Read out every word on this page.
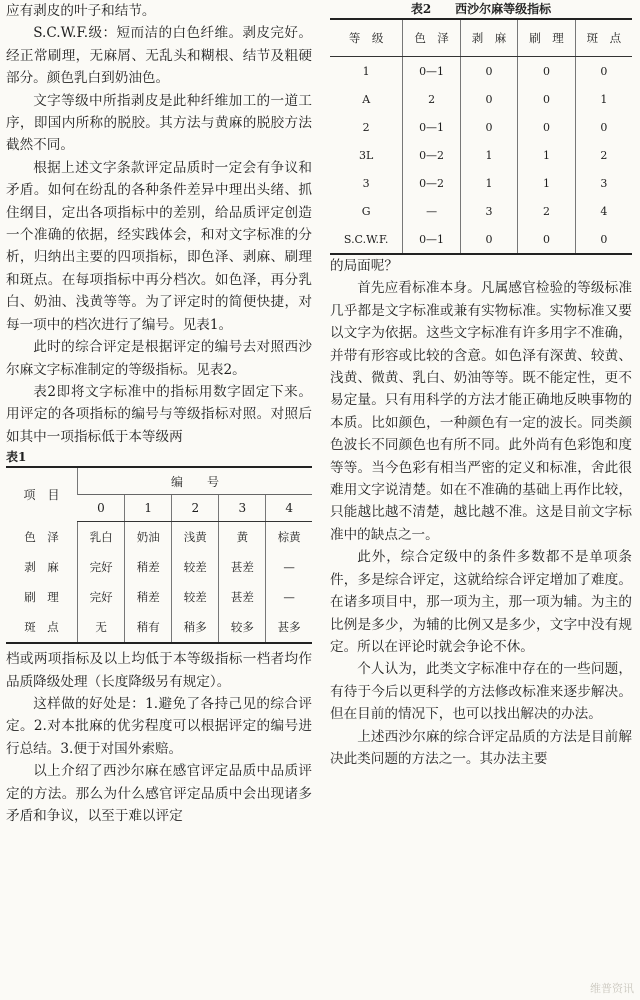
应有剥皮的叶子和结节。

S.C.W.F.级：短而洁的白色纤维。剥皮完好。经正常刷理，无麻屑、无乱头和糊根、结节及粗硬部分。颜色乳白到奶油色。

文字等级中所指剥皮是此种纤维加工的一道工序，即国内所称的脱胶。其方法与黄麻的脱胶方法截然不同。

根据上述文字条款评定品质时一定会有争议和矛盾。如何在纷乱的各种条件差异中理出头绪、抓住纲目，定出各项指标中的差别，给品质评定创造一个准确的依据，经实践体会，和对文字标准的分析，归纳出主要的四项指标，即色泽、剥麻、刷理和斑点。在每项指标中再分档次。如色泽，再分乳白、奶油、浅黄等等。为了评定时的简便快捷，对每一项中的档次进行了编号。见表1。

此时的综合评定是根据评定的编号去对照西沙尔麻文字标准制定的等级指标。见表2。

表2即将文字标准中的指标用数字固定下来。用评定的各项指标的编号与等级指标对照。对照后如其中一项指标低于本等级两

表1
项　目	编　　号				
	0	1	2	3	4
色　泽	乳白	奶油	浅黄	黄	棕黄
剥　麻	完好	稍差	较差	甚差	—
刷　理	完好	稍差	较差	甚差	—
斑　点	无	稍有	稍多	较多	甚多

档或两项指标及以上均低于本等级指标一档者均作品质降级处理（长度降级另有规定）。

这样做的好处是：1.避免了各持己见的综合评定。2.对本批麻的优劣程度可以根据评定的编号进行总结。3.便于对国外索赔。

以上介绍了西沙尔麻在感官评定品质中品质评定的方法。那么为什么感官评定品质中会出现诸多矛盾和争议，以至于难以评定

表2　　西沙尔麻等级指标
等　级	色　泽	剥　麻	刷　理	斑　点
1	0—1	0	0	0
A	2	0	0	1
2	0—1	0	0	0
3L	0—2	1	1	2
3	0—2	1	1	3
G	—	3	2	4
S.C.W.F.	0—1	0	0	0

的局面呢？

首先应看标准本身。凡属感官检验的等级标准几乎都是文字标准或兼有实物标准。实物标准又要以文字为依据。这些文字标准有许多用字不准确，并带有形容或比较的含意。如色泽有深黄、较黄、浅黄、微黄、乳白、奶油等等。既不能定性，更不易定量。只有用科学的方法才能正确地反映事物的本质。比如颜色，一种颜色有一定的波长。同类颜色波长不同颜色也有所不同。此外尚有色彩饱和度等等。当今色彩有相当严密的定义和标准，舍此很难用文字说清楚。如在不准确的基础上再作比较，只能越比越不清楚，越比越不准。这是目前文字标准中的缺点之一。

此外，综合定级中的条件多数都不是单项条件，多是综合评定，这就给综合评定增加了难度。在诸多项目中，那一项为主，那一项为辅。为主的比例是多少，为辅的比例又是多少，文字中没有规定。所以在评论时就会争论不休。

个人认为，此类文字标准中存在的一些问题，有待于今后以更科学的方法修改标准来逐步解决。但在目前的情况下，也可以找出解决的办法。

上述西沙尔麻的综合评定品质的方法是目前解决此类问题的方法之一。其办法主要

维普资讯
